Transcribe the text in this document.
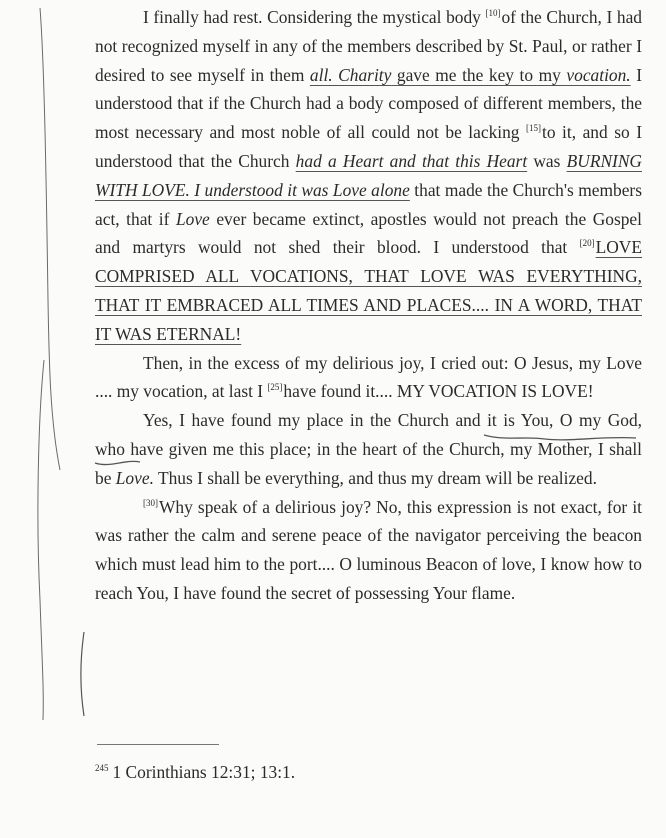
I finally had rest. Considering the mystical body [10]of the Church, I had not recognized myself in any of the members described by St. Paul, or rather I desired to see myself in them all. Charity gave me the key to my vocation. I understood that if the Church had a body composed of different members, the most necessary and most noble of all could not be lacking [15]to it, and so I understood that the Church had a Heart and that this Heart was BURNING WITH LOVE. I understood it was Love alone that made the Church's members act, that if Love ever became extinct, apostles would not preach the Gospel and martyrs would not shed their blood. I understood that [20]LOVE COMPRISED ALL VOCATIONS, THAT LOVE WAS EVERYTHING, THAT IT EMBRACED ALL TIMES AND PLACES.... IN A WORD, THAT IT WAS ETERNAL!

Then, in the excess of my delirious joy, I cried out: O Jesus, my Love .... my vocation, at last I [25]have found it.... MY VOCATION IS LOVE!

Yes, I have found my place in the Church and it is You, O my God, who have given me this place; in the heart of the Church, my Mother, I shall be Love. Thus I shall be everything, and thus my dream will be realized.

[30]Why speak of a delirious joy? No, this expression is not exact, for it was rather the calm and serene peace of the navigator perceiving the beacon which must lead him to the port.... O luminous Beacon of love, I know how to reach You, I have found the secret of possessing Your flame.

$^{245}$ 1 Corinthians 12:31; 13:1.
